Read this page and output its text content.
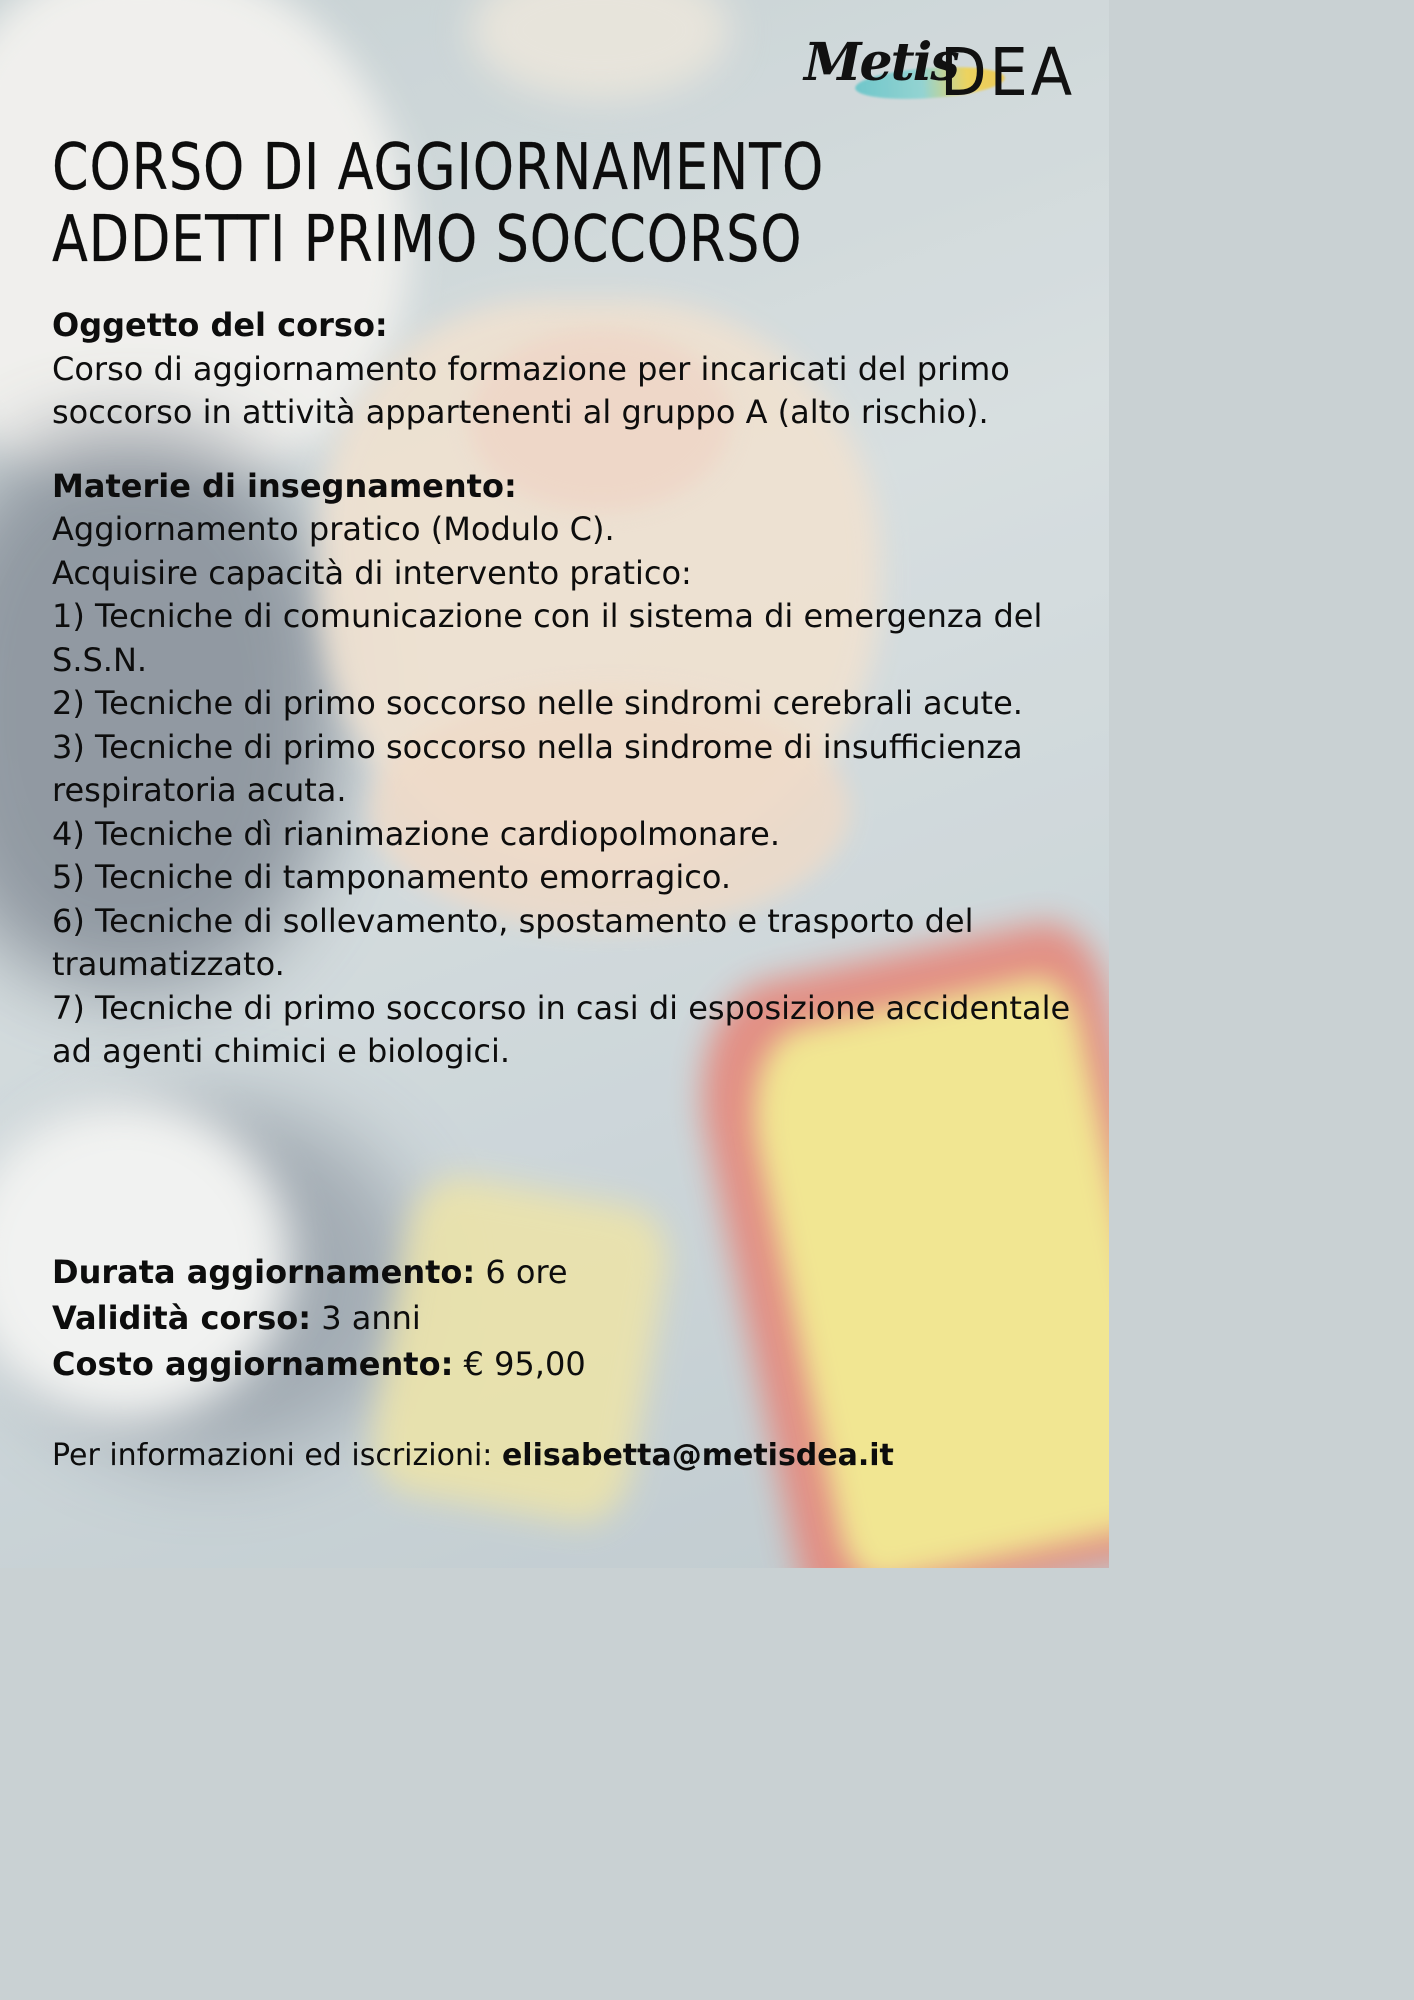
Metis
DEA
CORSO DI AGGIORNAMENTO
ADDETTI PRIMO SOCCORSO

Oggetto del corso:

Corso di aggiornamento formazione per incaricati del primo soccorso in attività appartenenti al gruppo A (alto rischio).

Materie di insegnamento:

Aggiornamento pratico (Modulo C).

Acquisire capacità di intervento pratico:

1) Tecniche di comunicazione con il sistema di emergenza del S.S.N.

2) Tecniche di primo soccorso nelle sindromi cerebrali acute.

3) Tecniche di primo soccorso nella sindrome di insufficienza respiratoria acuta.

4) Tecniche dì rianimazione cardiopolmonare.

5) Tecniche di tamponamento emorragico.

6) Tecniche di sollevamento, spostamento e trasporto del traumatizzato.

7) Tecniche di primo soccorso in casi di esposizione accidentale ad agenti chimici e biologici.

Durata aggiornamento: 6 ore
Validità corso: 3 anni
Costo aggiornamento: € 95,00
Per informazioni ed iscrizioni: elisabetta@metisdea.it
